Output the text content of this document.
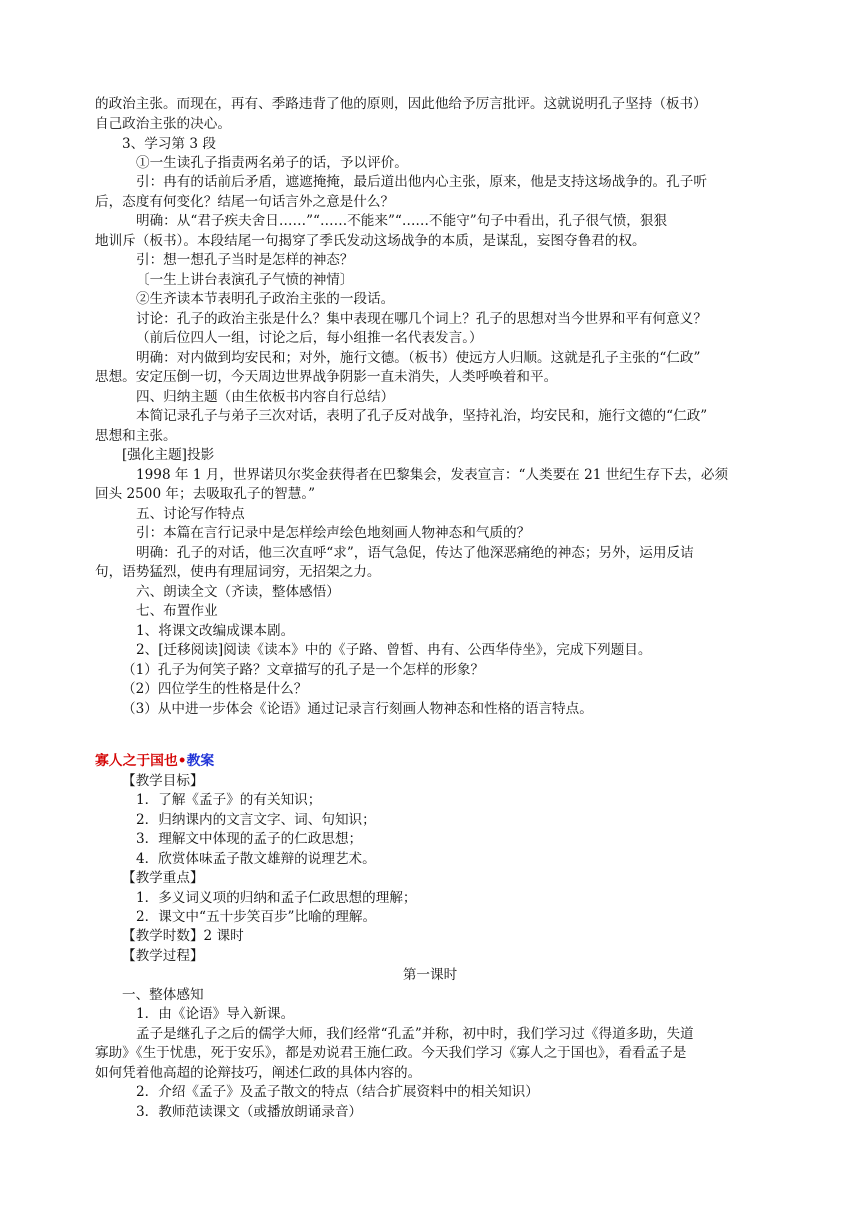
的政治主张。而现在，再有、季路违背了他的原则，因此他给予厉言批评。这就说明孔子坚持（板书）
自己政治主张的决心。
3、学习第 3 段
①一生读孔子指责两名弟子的话，予以评价。
引：冉有的话前后矛盾，遮遮掩掩，最后道出他内心主张，原来，他是支持这场战争的。孔子听
后，态度有何变化？结尾一句话言外之意是什么？
明确：从“君子疾夫舍日……”“……不能来”“……不能守”句子中看出，孔子很气愤，狠狠
地训斥（板书）。本段结尾一句揭穿了季氏发动这场战争的本质，是谋乱，妄图夺鲁君的权。
引：想一想孔子当时是怎样的神态？
〔一生上讲台表演孔子气愤的神情〕
②生齐读本节表明孔子政治主张的一段话。
讨论：孔子的政治主张是什么？集中表现在哪几个词上？孔子的思想对当今世界和平有何意义？
（前后位四人一组，讨论之后，每小组推一名代表发言。）
明确：对内做到均安民和；对外，施行文德。（板书）使远方人归顺。这就是孔子主张的“仁政”
思想。安定压倒一切，今天周边世界战争阴影一直未消失，人类呼唤着和平。
四、归纳主题（由生依板书内容自行总结）
本简记录孔子与弟子三次对话，表明了孔子反对战争，坚持礼治，均安民和，施行文德的“仁政”
思想和主张。
[强化主题]投影
1998 年 1 月，世界诺贝尔奖金获得者在巴黎集会，发表宣言：“人类要在 21 世纪生存下去，必须
回头 2500 年；去吸取孔子的智慧。”
五、讨论写作特点
引：本篇在言行记录中是怎样绘声绘色地刻画人物神态和气质的？
明确：孔子的对话，他三次直呼“求”，语气急促，传达了他深恶痛绝的神态；另外，运用反诘
句，语势猛烈，使冉有理屈词穷，无招架之力。
六、朗读全文（齐读，整体感悟）
七、布置作业
1、将课文改编成课本剧。
2、[迁移阅读]阅读《读本》中的《子路、曾皙、冉有、公西华侍坐》，完成下列题目。
（1）孔子为何笑子路？文章描写的孔子是一个怎样的形象？
（2）四位学生的性格是什么？
（3）从中进一步体会《论语》通过记录言行刻画人物神态和性格的语言特点。
寡人之于国也•教案
【教学目标】
1．了解《孟子》的有关知识；
2．归纳课内的文言文字、词、句知识；
3．理解文中体现的孟子的仁政思想；
4．欣赏体味孟子散文雄辩的说理艺术。
【教学重点】
1．多义词义项的归纳和孟子仁政思想的理解；
2．课文中“五十步笑百步”比喻的理解。
【教学时数】2 课时
【教学过程】
第一课时
一、整体感知
1．由《论语》导入新课。
孟子是继孔子之后的儒学大师，我们经常“孔孟”并称，初中时，我们学习过《得道多助，失道
寡助》《生于忧患，死于安乐》，都是劝说君王施仁政。今天我们学习《寡人之于国也》，看看孟子是
如何凭着他高超的论辩技巧，阐述仁政的具体内容的。
2．介绍《孟子》及孟子散文的特点（结合扩展资料中的相关知识）
3．教师范读课文（或播放朗诵录音）
